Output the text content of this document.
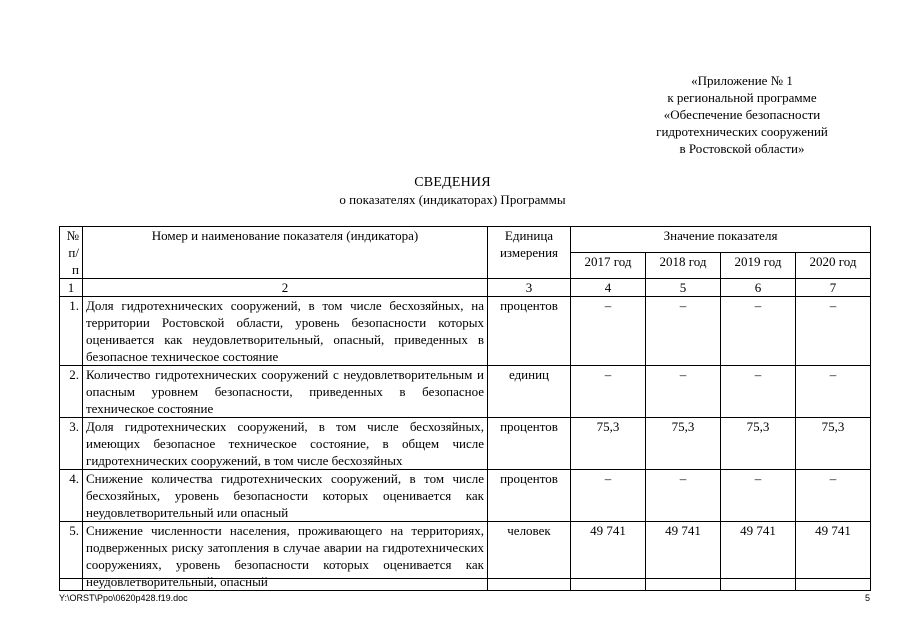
«Приложение № 1
к региональной программе
«Обеспечение безопасности
гидротехнических сооружений
в Ростовской области»
СВЕДЕНИЯ
о показателях (индикаторах) Программы
№ п/п	Номер и наименование показателя (индикатора)	Единица измерения	Значение показателя			
			2017 год	2018 год	2019 год	2020 год
1	2	3	4	5	6	7
1.	Доля гидротехнических сооружений, в том числе бесхозяйных, на территории Ростовской области, уровень безопасности которых оценивается как неудовлетворительный, опасный, приведенных в безопасное техническое состояние	процентов	–	–	–	–
2.	Количество гидротехнических сооружений с неудовлетворительным и опасным уровнем безопасности, приведенных в безопасное техническое состояние	единиц	–	–	–	–
3.	Доля гидротехнических сооружений, в том числе бесхозяйных, имеющих безопасное техническое состояние, в общем числе гидротехнических сооружений, в том числе бесхозяйных	процентов	75,3	75,3	75,3	75,3
4.	Снижение количества гидротехнических сооружений, в том числе бесхозяйных, уровень безопасности которых оценивается как неудовлетворительный или опасный	процентов	–	–	–	–
5.	Снижение численности населения, проживающего на территориях, подверженных риску затопления в случае аварии на гидротехнических сооружениях, уровень безопасности которых оценивается как неудовлетворительный, опасный	человек	49 741	49 741	49 741	49 741
Y:\ORST\Ppo\0620p428.f19.doc	5
